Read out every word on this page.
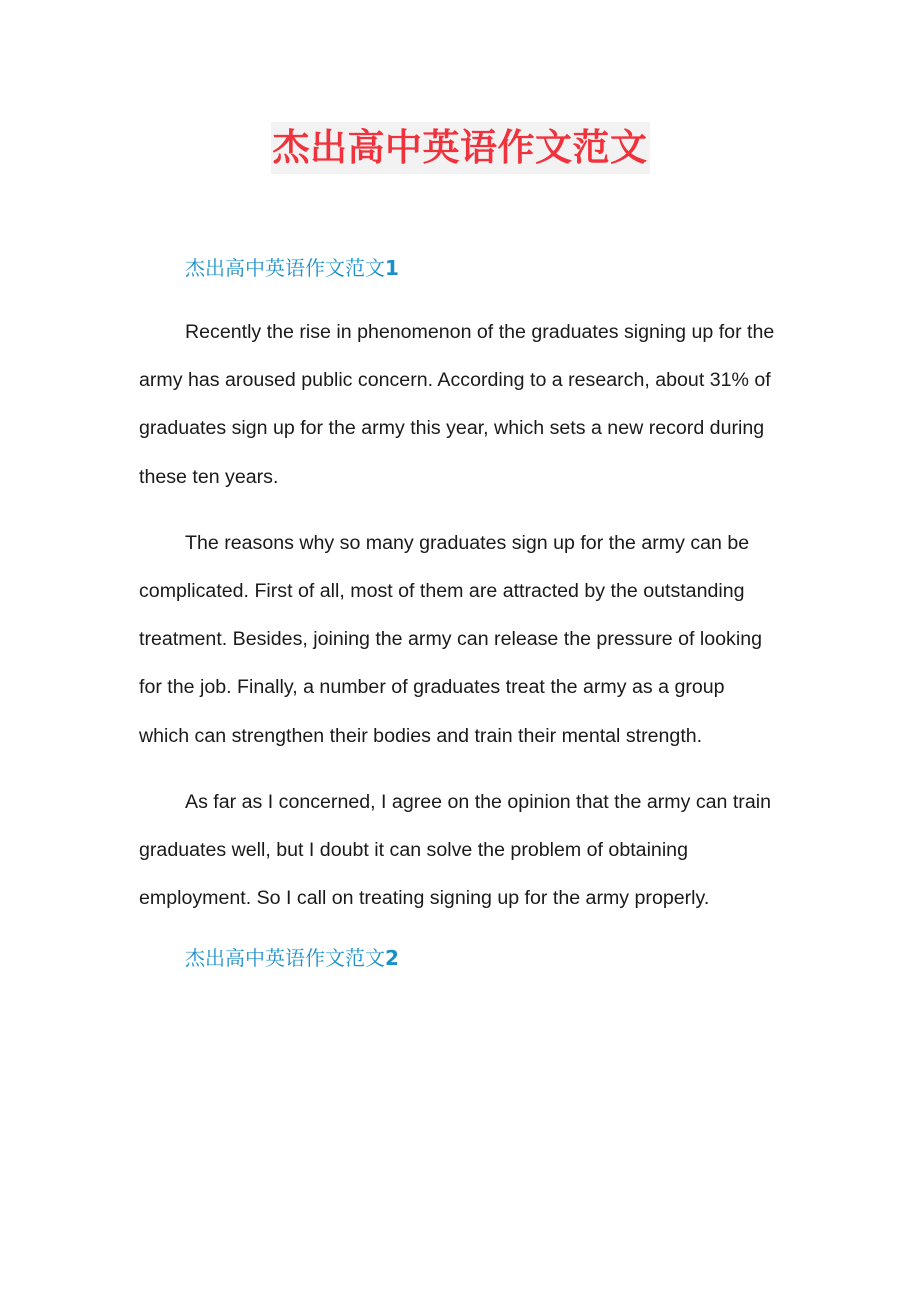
杰出高中英语作文范文
杰出高中英语作文范文1

Recently the rise in phenomenon of the graduates signing up for the army has aroused public concern. According to a research, about 31% of graduates sign up for the army this year, which sets a new record during these ten years.

The reasons why so many graduates sign up for the army can be complicated. First of all, most of them are attracted by the outstanding treatment. Besides, joining the army can release the pressure of looking for the job. Finally, a number of graduates treat the army as a group which can strengthen their bodies and train their mental strength.

As far as I concerned, I agree on the opinion that the army can train graduates well, but I doubt it can solve the problem of obtaining employment. So I call on treating signing up for the army properly.

杰出高中英语作文范文2
